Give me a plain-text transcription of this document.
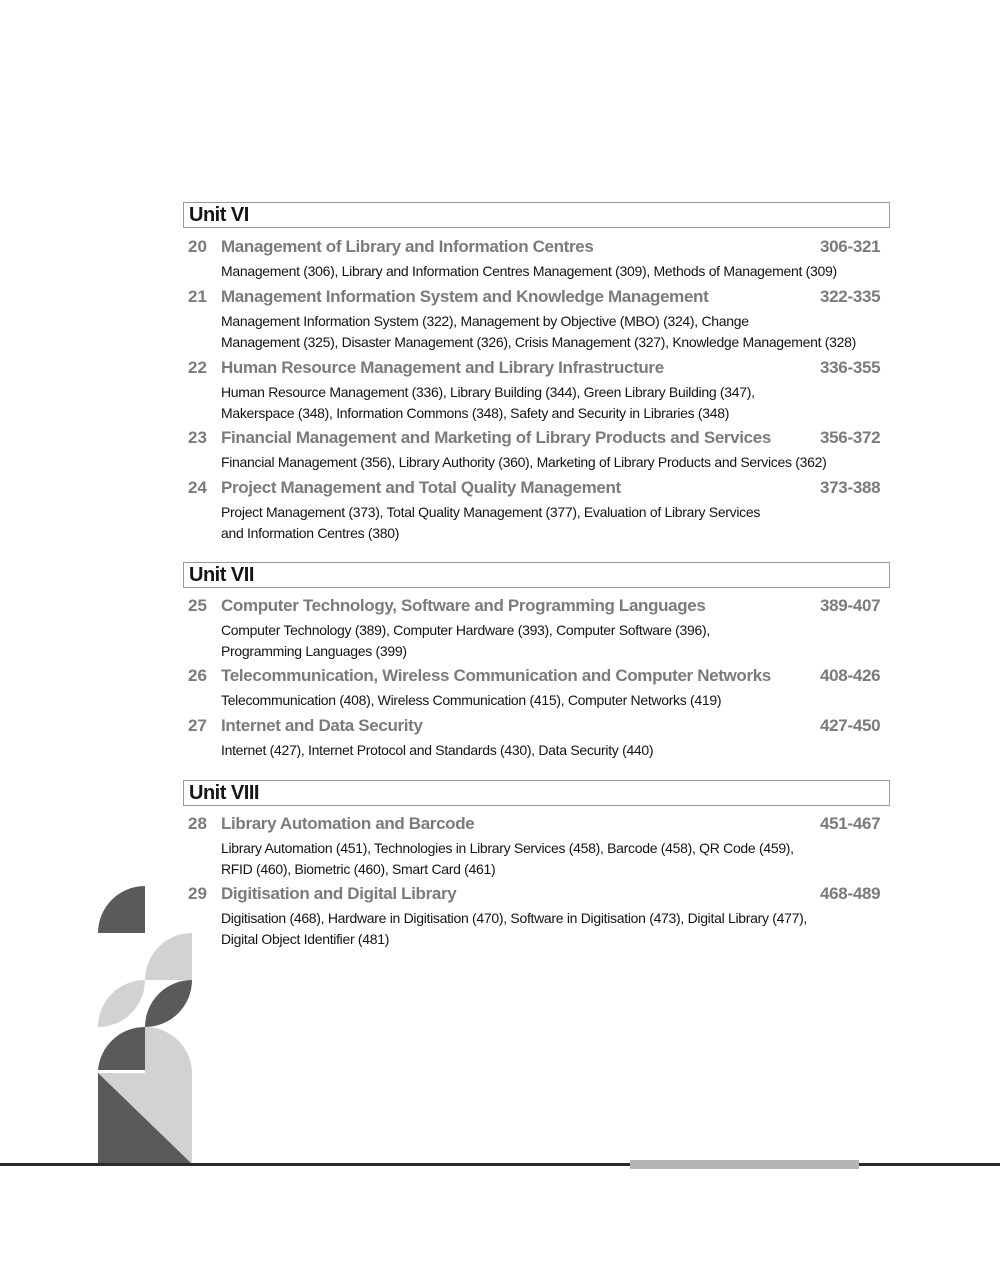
Unit VI
20 Management of Library and Information Centres	306-321
Management (306), Library and Information Centres Management (309), Methods of Management (309)
21 Management Information System and Knowledge Management	322-335
Management Information System (322), Management by Objective (MBO) (324), Change
Management (325), Disaster Management (326), Crisis Management (327), Knowledge Management (328)
22 Human Resource Management and Library Infrastructure	336-355
Human Resource Management (336), Library Building (344), Green Library Building (347),
Makerspace (348), Information Commons (348), Safety and Security in Libraries (348)
23 Financial Management and Marketing of Library Products and Services	356-372
Financial Management (356), Library Authority (360), Marketing of Library Products and Services (362)
24 Project Management and Total Quality Management	373-388
Project Management (373), Total Quality Management (377), Evaluation of Library Services
and Information Centres (380)
Unit VII
25 Computer Technology, Software and Programming Languages	389-407
Computer Technology (389), Computer Hardware (393), Computer Software (396),
Programming Languages (399)
26 Telecommunication, Wireless Communication and Computer Networks	408-426
Telecommunication (408), Wireless Communication (415), Computer Networks (419)
27 Internet and Data Security	427-450
Internet (427), Internet Protocol and Standards (430), Data Security (440)
Unit VIII
28 Library Automation and Barcode	451-467
Library Automation (451), Technologies in Library Services (458), Barcode (458), QR Code (459),
RFID (460), Biometric (460), Smart Card (461)
29 Digitisation and Digital Library	468-489
Digitisation (468), Hardware in Digitisation (470), Software in Digitisation (473), Digital Library (477),
Digital Object Identifier (481)
